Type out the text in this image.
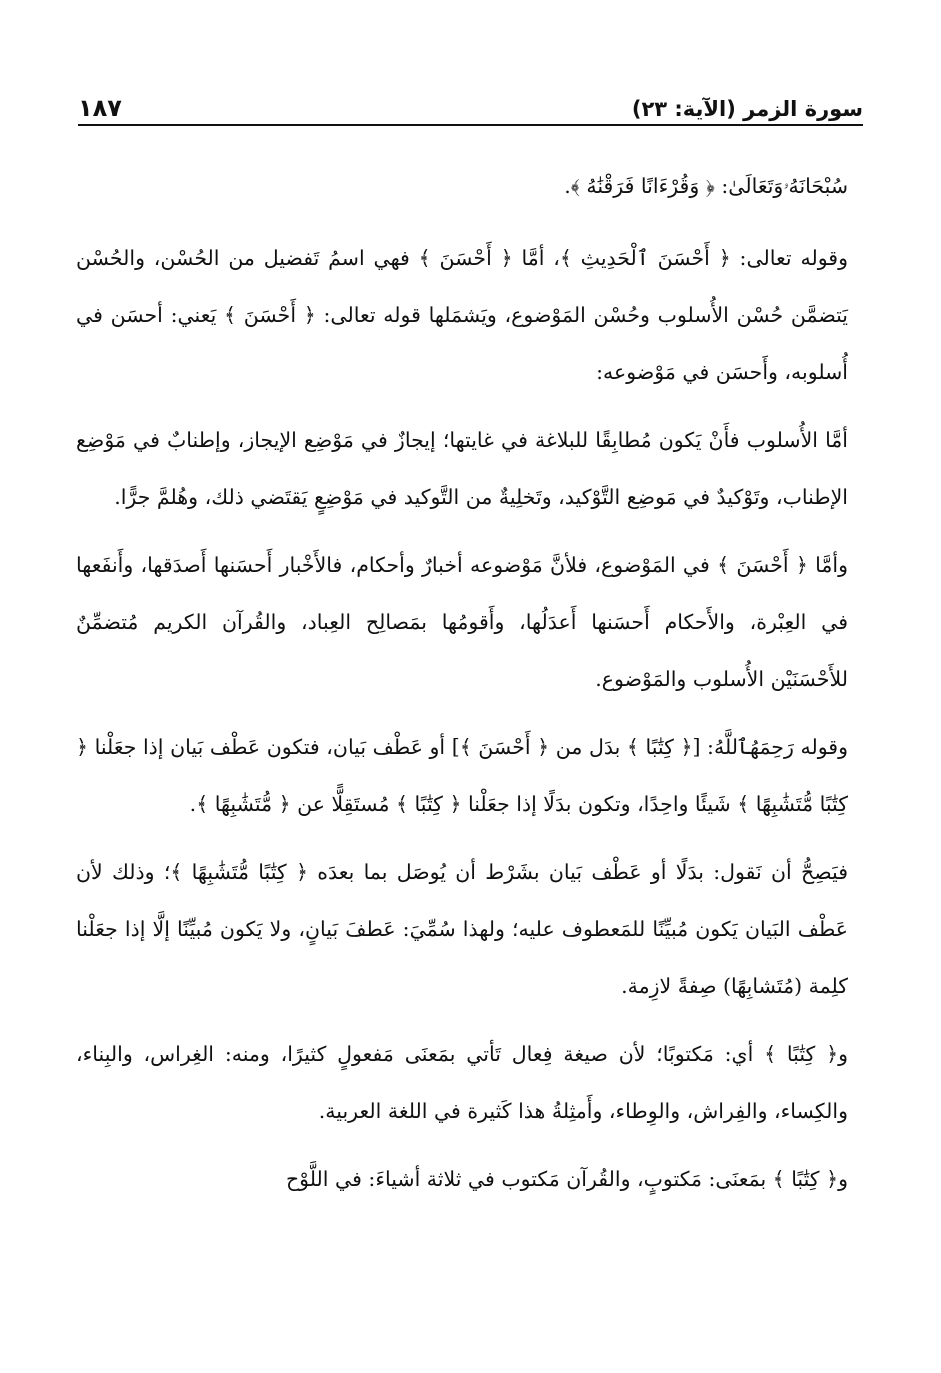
سورة الزمر (الآية: ٢٣)
١٨٧

سُبْحَانَهُۥوَتَعَالَىٰ: ﴿ وَقُرْءَانًا فَرَقْنَٰهُ ﴾.

وقوله تعالى: ﴿ أَحْسَنَ ٱلْحَدِيثِ ﴾، أمَّا ﴿ أَحْسَنَ ﴾ فهي اسمُ تَفضيل من الحُسْن، والحُسْن يَتضمَّن حُسْن الأُسلوب وحُسْن المَوْضوع، ويَشمَلها قوله تعالى: ﴿ أَحْسَنَ ﴾ يَعني: أحسَن في أُسلوبه، وأَحسَن في مَوْضوعه:

أمَّا الأُسلوب فأَنْ يَكون مُطابِقًا للبلاغة في غايتها؛ إيجازٌ في مَوْضِع الإيجاز، وإطنابٌ في مَوْضِع الإطناب، وتَوْكيدٌ في مَوضِع التَّوْكيد، وتَخلِيةٌ من التَّوكيد في مَوْضِعٍ يَقتَضي ذلك، وهُلمَّ جرًّا.

وأمَّا ﴿ أَحْسَنَ ﴾ في المَوْضوع، فلأنَّ مَوْضوعه أخبارٌ وأحكام، فالأَخْبار أَحسَنها أَصدَقها، وأَنفَعها في العِبْرة، والأَحكام أَحسَنها أَعدَلُها، وأَقومُها بمَصالِح العِباد، والقُرآن الكريم مُتضمِّنٌ للأَحْسَنَيْن الأُسلوب والمَوْضوع.

وقوله رَحِمَهُٱللَّهُ: [﴿ كِتَٰبًا ﴾ بدَل من ﴿ أَحْسَنَ ﴾] أو عَطْف بَيان، فتكون عَطْف بَيان إذا جعَلْنا ﴿ كِتَٰبًا مُّتَشَٰبِهًا ﴾ شَيئًا واحِدًا، وتكون بدَلًا إذا جعَلْنا ﴿ كِتَٰبًا ﴾ مُستَقِلًّا عن ﴿ مُّتَشَٰبِهًا ﴾.

فيَصِحُّ أن نَقول: بدَلًا أو عَطْف بَيان بشَرْط أن يُوصَل بما بعدَه ﴿ كِتَٰبًا مُّتَشَٰبِهًا ﴾؛ وذلك لأن عَطْف البَيان يَكون مُبيِّنًا للمَعطوف عليه؛ ولهذا سُمِّيَ: عَطفَ بَيانٍ، ولا يَكون مُبيِّنًا إلَّا إذا جعَلْنا كلِمة (مُتَشابِهًا) صِفةً لازِمة.

و﴿ كِتَٰبًا ﴾ أي: مَكتوبًا؛ لأن صيغة فِعال تَأتي بمَعنَى مَفعولٍ كثيرًا، ومنه: الغِراس، والبِناء، والكِساء، والفِراش، والوِطاء، وأَمثِلةُ هذا كَثيرة في اللغة العربية.

و﴿ كِتَٰبًا ﴾ بمَعنَى: مَكتوبٍ، والقُرآن مَكتوب في ثلاثة أشياءَ: في اللَّوْح
